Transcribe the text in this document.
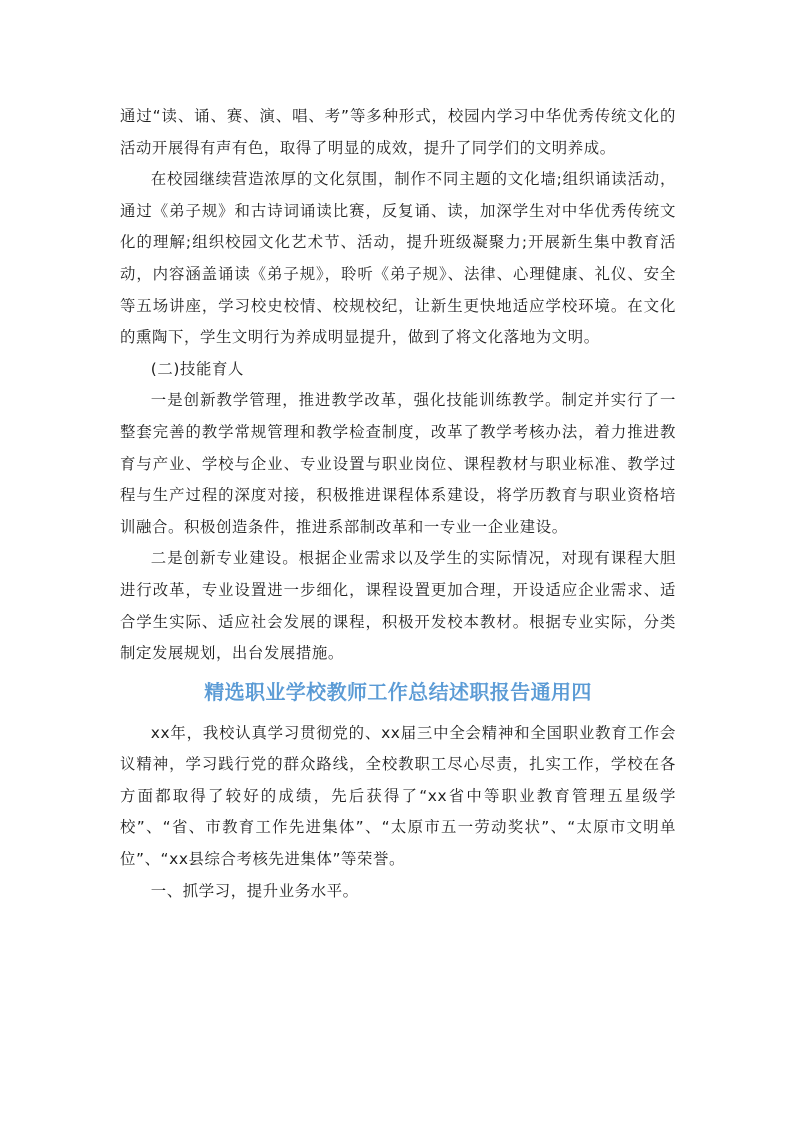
通过“读、诵、赛、演、唱、考”等多种形式，校园内学习中华优秀传统文化的活动开展得有声有色，取得了明显的成效，提升了同学们的文明养成。

在校园继续营造浓厚的文化氛围，制作不同主题的文化墙;组织诵读活动，通过《弟子规》和古诗词诵读比赛，反复诵、读，加深学生对中华优秀传统文化的理解;组织校园文化艺术节、活动，提升班级凝聚力;开展新生集中教育活动，内容涵盖诵读《弟子规》，聆听《弟子规》、法律、心理健康、礼仪、安全等五场讲座，学习校史校情、校规校纪，让新生更快地适应学校环境。在文化的熏陶下，学生文明行为养成明显提升，做到了将文化落地为文明。

(二)技能育人

一是创新教学管理，推进教学改革，强化技能训练教学。制定并实行了一整套完善的教学常规管理和教学检查制度，改革了教学考核办法，着力推进教育与产业、学校与企业、专业设置与职业岗位、课程教材与职业标准、教学过程与生产过程的深度对接，积极推进课程体系建设，将学历教育与职业资格培训融合。积极创造条件，推进系部制改革和一专业一企业建设。

二是创新专业建设。根据企业需求以及学生的实际情况，对现有课程大胆进行改革，专业设置进一步细化，课程设置更加合理，开设适应企业需求、适合学生实际、适应社会发展的课程，积极开发校本教材。根据专业实际，分类制定发展规划，出台发展措施。

精选职业学校教师工作总结述职报告通用四

xx年，我校认真学习贯彻党的、xx届三中全会精神和全国职业教育工作会议精神，学习践行党的群众路线，全校教职工尽心尽责，扎实工作，学校在各方面都取得了较好的成绩，先后获得了“xx省中等职业教育管理五星级学校”、“省、市教育工作先进集体”、“太原市五一劳动奖状”、“太原市文明单位”、“xx县综合考核先进集体”等荣誉。

一、抓学习，提升业务水平。
